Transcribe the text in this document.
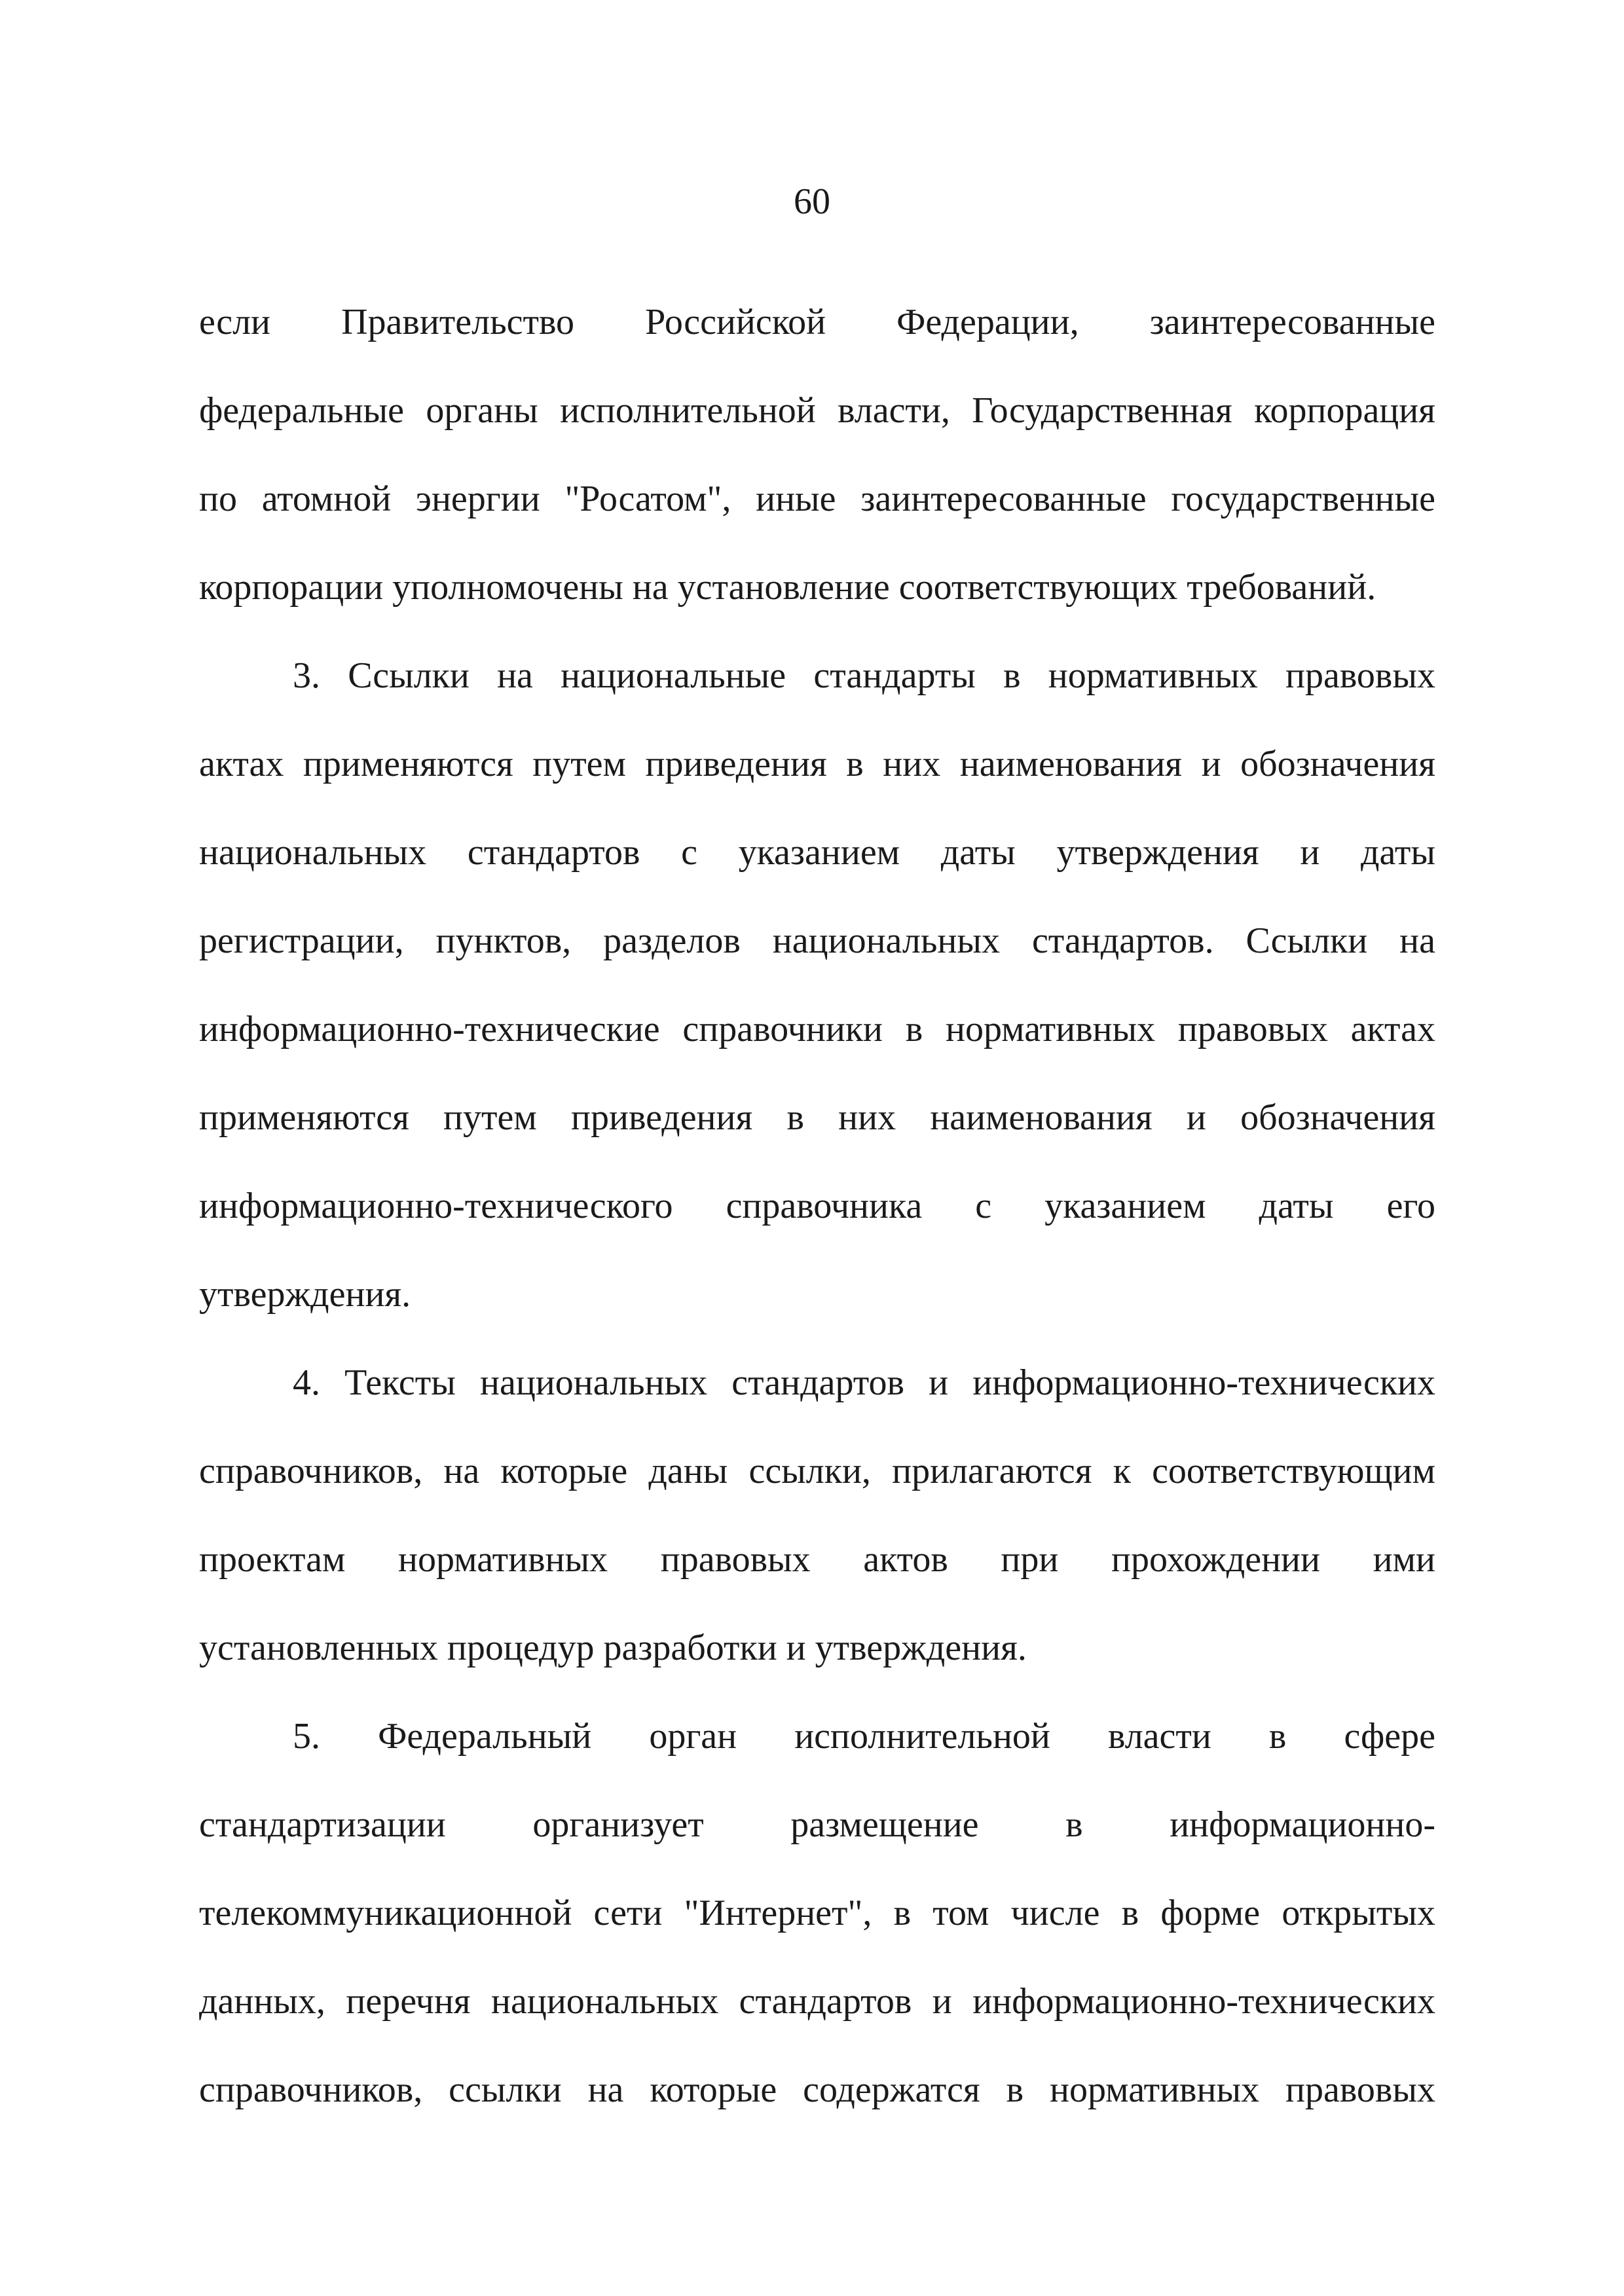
60

если Правительство Российской Федерации, заинтересованные

федеральные органы исполнительной власти, Государственная корпорация

по атомной энергии "Росатом", иные заинтересованные государственные

корпорации уполномочены на установление соответствующих требований.

3. Ссылки на национальные стандарты в нормативных правовых

актах применяются путем приведения в них наименования и обозначения

национальных стандартов с указанием даты утверждения и даты

регистрации, пунктов, разделов национальных стандартов. Ссылки на

информационно-технические справочники в нормативных правовых актах

применяются путем приведения в них наименования и обозначения

информационно-технического справочника с указанием даты его

утверждения.

4. Тексты национальных стандартов и информационно-технических

справочников, на которые даны ссылки, прилагаются к соответствующим

проектам нормативных правовых актов при прохождении ими

установленных процедур разработки и утверждения.

5. Федеральный орган исполнительной власти в сфере

стандартизации организует размещение в информационно-

телекоммуникационной сети "Интернет", в том числе в форме открытых

данных, перечня национальных стандартов и информационно-технических

справочников, ссылки на которые содержатся в нормативных правовых
